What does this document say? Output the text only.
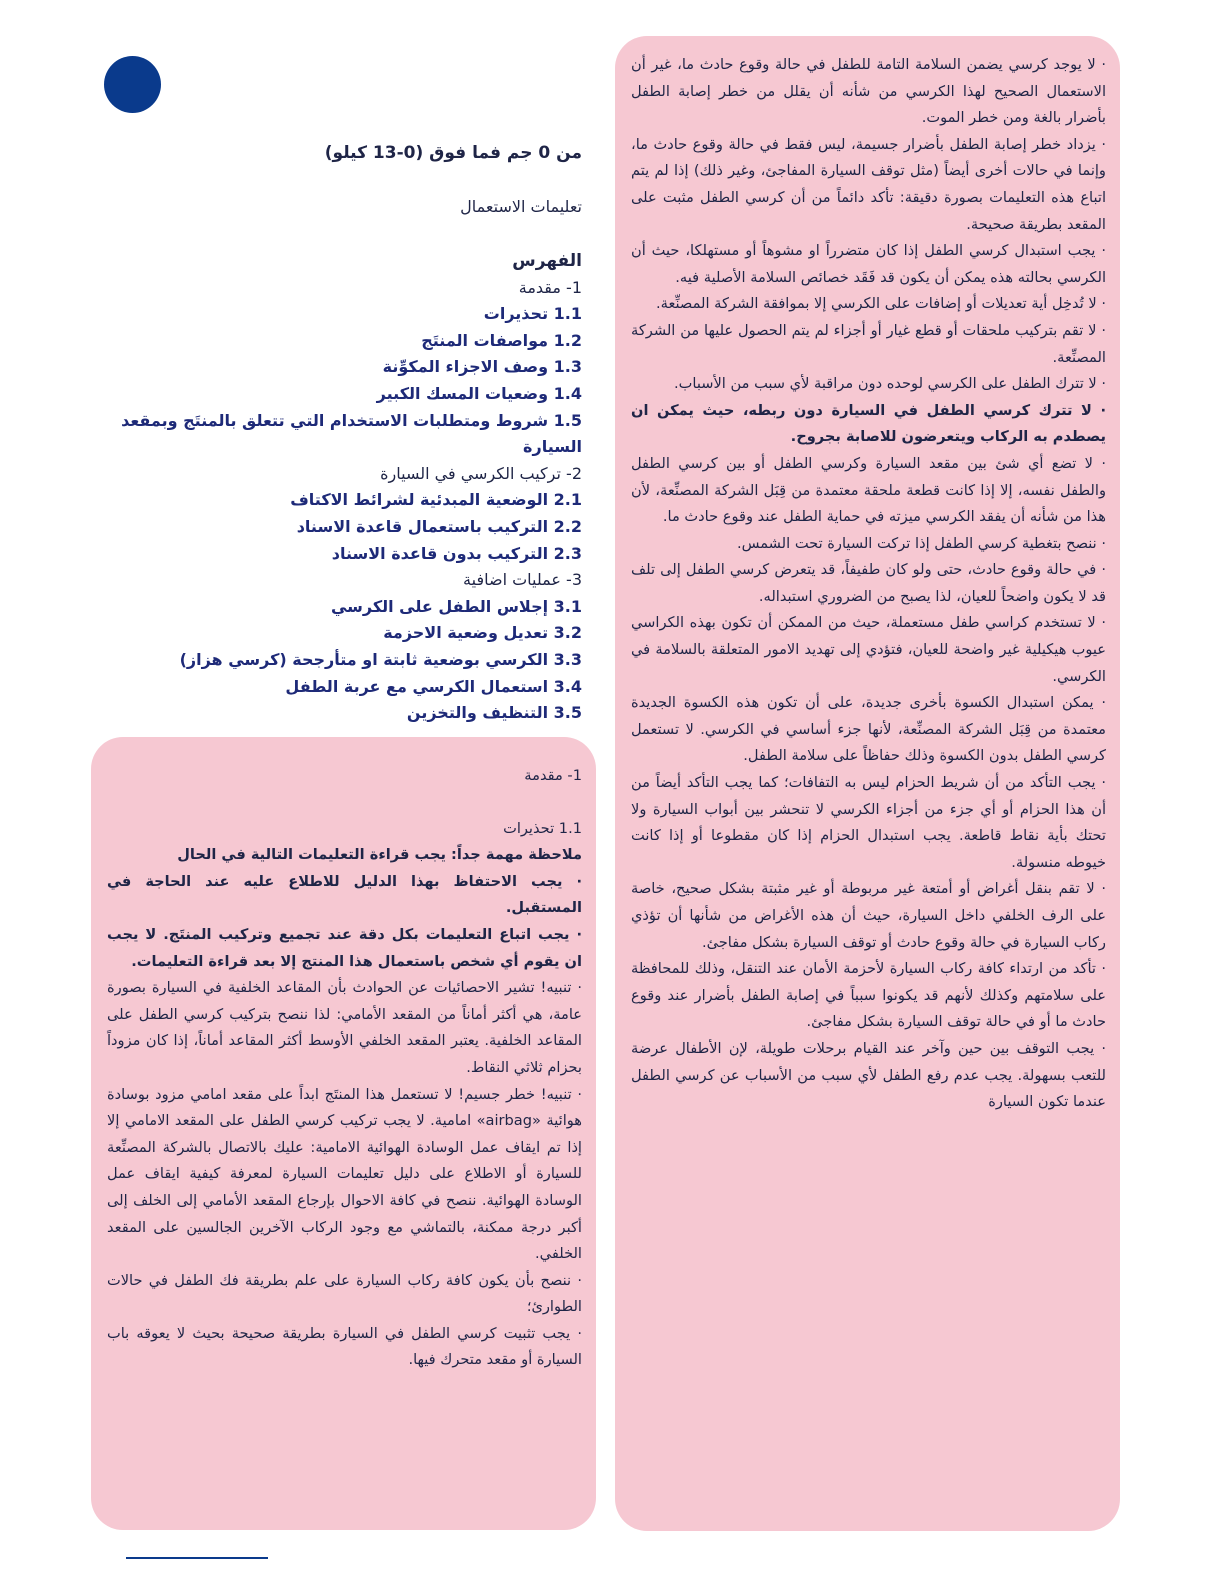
من 0 جم فما فوق (0-13 كيلو)
تعليمات الاستعمال
الفهرس
1- مقدمة
1.1 تحذيرات
1.2 مواصفات المنتَج
1.3 وصف الاجزاء المكوِّنة
1.4 وضعيات المسك الكبير
1.5 شروط ومتطلبات الاستخدام التي تتعلق بالمنتَج وبمقعد السيارة
2- تركيب الكرسي في السيارة
2.1 الوضعية المبدئية لشرائط الاكتاف
2.2 التركيب باستعمال قاعدة الاسناد
2.3 التركيب بدون قاعدة الاسناد
3- عمليات اضافية
3.1 إجلاس الطفل على الكرسي
3.2 تعديل وضعية الاحزمة
3.3 الكرسي بوضعية ثابتة او متأرجحة (كرسي هزاز)
3.4 استعمال الكرسي مع عربة الطفل
3.5 التنظيف والتخزين

1- مقدمة

1.1 تحذيرات

ملاحظة مهمة جداً: يجب قراءة التعليمات التالية في الحال

· يجب الاحتفاظ بهذا الدليل للاطلاع عليه عند الحاجة في المستقبل.

· يجب اتباع التعليمات بكل دقة عند تجميع وتركيب المنتَج. لا يجب ان يقوم أي شخص باستعمال هذا المنتج إلا بعد قراءة التعليمات.

· تنبيه! تشير الاحصائيات عن الحوادث بأن المقاعد الخلفية في السيارة بصورة عامة، هي أكثر أماناً من المقعد الأمامي: لذا ننصح بتركيب كرسي الطفل على المقاعد الخلفية. يعتبر المقعد الخلفي الأوسط أكثر المقاعد أماناً، إذا كان مزوداً بحزام ثلاثي النقاط.

· تنبيه! خطر جسيم! لا تستعمل هذا المنتَج ابداً على مقعد امامي مزود بوسادة هوائية «airbag» امامية. لا يجب تركيب كرسي الطفل على المقعد الامامي إلا إذا تم ايقاف عمل الوسادة الهوائية الامامية: عليك بالاتصال بالشركة المصنِّعة للسيارة أو الاطلاع على دليل تعليمات السيارة لمعرفة كيفية ايقاف عمل الوسادة الهوائية. ننصح في كافة الاحوال بإرجاع المقعد الأمامي إلى الخلف إلى أكبر درجة ممكنة، بالتماشي مع وجود الركاب الآخرين الجالسين على المقعد الخلفي.

· ننصح بأن يكون كافة ركاب السيارة على علم بطريقة فك الطفل في حالات الطوارئ؛

· يجب تثبيت كرسي الطفل في السيارة بطريقة صحيحة بحيث لا يعوقه باب السيارة أو مقعد متحرك فيها.

· لا يوجد كرسي يضمن السلامة التامة للطفل في حالة وقوع حادث ما، غير أن الاستعمال الصحيح لهذا الكرسي من شأنه أن يقلل من خطر إصابة الطفل بأضرار بالغة ومن خطر الموت.

· يزداد خطر إصابة الطفل بأضرار جسيمة، ليس فقط في حالة وقوع حادث ما، وإنما في حالات أخرى أيضاً (مثل توقف السيارة المفاجئ، وغير ذلك) إذا لم يتم اتباع هذه التعليمات بصورة دقيقة: تأكد دائماً من أن كرسي الطفل مثبت على المقعد بطريقة صحيحة.

· يجب استبدال كرسي الطفل إذا كان متضرراً او مشوهاً أو مستهلكا، حيث أن الكرسي بحالته هذه يمكن أن يكون قد فَقَد خصائص السلامة الأصلية فيه.

· لا تُدخِل أية تعديلات أو إضافات على الكرسي إلا بموافقة الشركة المصنِّعة.

· لا تقم بتركيب ملحقات أو قطع غيار أو أجزاء لم يتم الحصول عليها من الشركة المصنِّعة.

· لا تترك الطفل على الكرسي لوحده دون مراقبة لأي سبب من الأسباب.

· لا تترك كرسي الطفل في السيارة دون ربطه، حيث يمكن ان يصطدم به الركاب ويتعرضون للاصابة بجروح.

· لا تضع أي شئ بين مقعد السيارة وكرسي الطفل أو بين كرسي الطفل والطفل نفسه، إلا إذا كانت قطعة ملحقة معتمدة من قِبَل الشركة المصنِّعة، لأن هذا من شأنه أن يفقد الكرسي ميزته في حماية الطفل عند وقوع حادث ما.

· ننصح بتغطية كرسي الطفل إذا تركت السيارة تحت الشمس.

· في حالة وقوع حادث، حتى ولو كان طفيفاً، قد يتعرض كرسي الطفل إلى تلف قد لا يكون واضحاً للعيان، لذا يصبح من الضروري استبداله.

· لا تستخدم كراسي طفل مستعملة، حيث من الممكن أن تكون بهذه الكراسي عيوب هيكيلية غير واضحة للعيان، فتؤدي إلى تهديد الامور المتعلقة بالسلامة في الكرسي.

· يمكن استبدال الكسوة بأخرى جديدة، على أن تكون هذه الكسوة الجديدة معتمدة من قِبَل الشركة المصنِّعة، لأنها جزء أساسي في الكرسي. لا تستعمل كرسي الطفل بدون الكسوة وذلك حفاظاً على سلامة الطفل.

· يجب التأكد من أن شريط الحزام ليس به التفافات؛ كما يجب التأكد أيضاً من أن هذا الحزام أو أي جزء من أجزاء الكرسي لا تنحشر بين أبواب السيارة ولا تحتك بأية نقاط قاطعة. يجب استبدال الحزام إذا كان مقطوعا أو إذا كانت خيوطه منسولة.

· لا تقم بنقل أغراض أو أمتعة غير مربوطة أو غير مثبتة بشكل صحيح، خاصة على الرف الخلفي داخل السيارة، حيث أن هذه الأغراض من شأنها أن تؤذي ركاب السيارة في حالة وقوع حادث أو توقف السيارة بشكل مفاجئ.

· تأكد من ارتداء كافة ركاب السيارة لأحزمة الأمان عند التنقل، وذلك للمحافظة على سلامتهم وكذلك لأنهم قد يكونوا سبباً في إصابة الطفل بأضرار عند وقوع حادث ما أو في حالة توقف السيارة بشكل مفاجئ.

· يجب التوقف بين حين وآخر عند القيام برحلات طويلة، لإن الأطفال عرضة للتعب بسهولة. يجب عدم رفع الطفل لأي سبب من الأسباب عن كرسي الطفل عندما تكون السيارة
